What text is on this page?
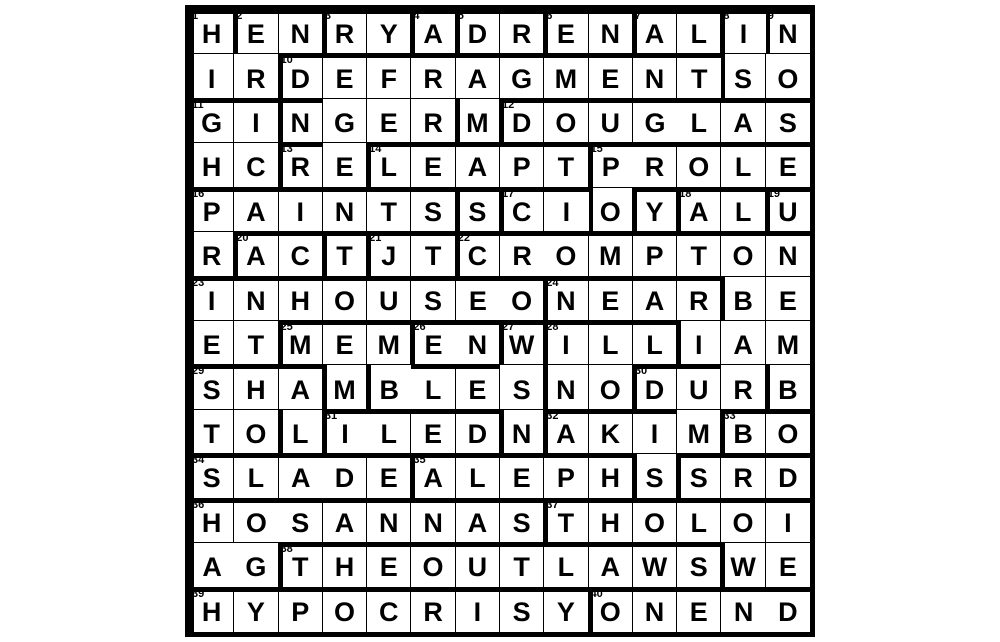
1
H
2
E N
3
R Y
4
A
5
D R
6
E N
7
A L
8
I
9
N
I R
10
D E F R A G M E N T S O
11
G I N G E R M
12
D O U G L A S
H C
13
R E
14
L E A P T
15
P R O L E
16
P A I N T S S
17
C I O Y
18
A L
19
U
R
20
A C T
21
J T
22
C R O M P T O N
23
I N H O U S E O
24
N E A R B E
E T
25
M E M
26
E N
27
W
28
I L L I A M
29
S H A M B L E S N O
30
D U R B
T O L
31
I L E D N
32
A K I M
33
B O
34
S L A D E
35
A L E P H S S R D
36
H O S A N N A S
37
T H O L O I
A G
38
T H E O U T L A W S W E
39
H Y P O C R I S Y
40
O N E N D
